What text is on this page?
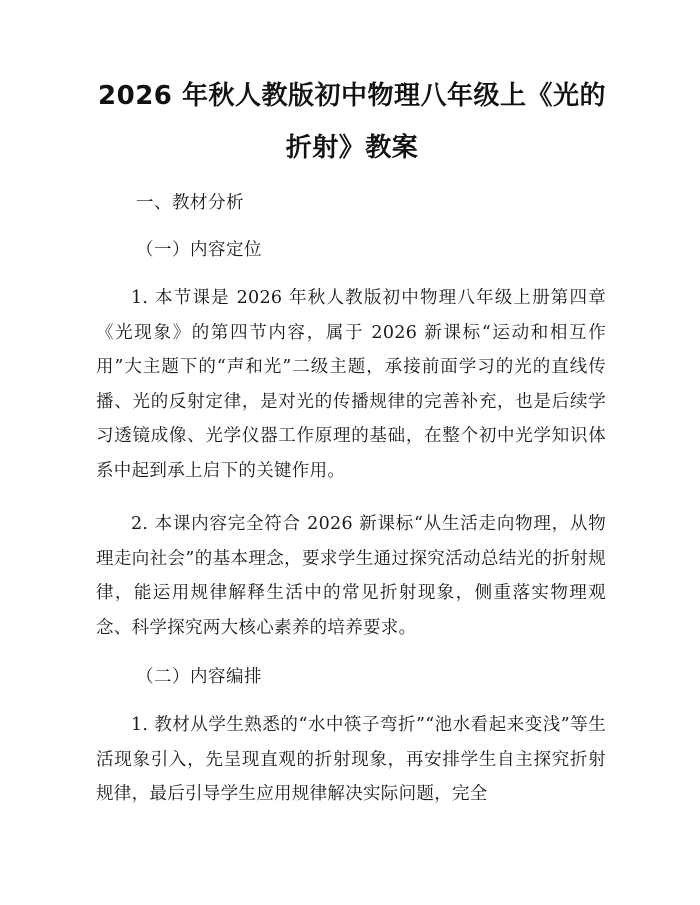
2026 年秋人教版初中物理八年级上《光的折射》教案

一、教材分析

（一）内容定位

1. 本节课是 2026 年秋人教版初中物理八年级上册第四章《光现象》的第四节内容，属于 2026 新课标“运动和相互作用”大主题下的“声和光”二级主题，承接前面学习的光的直线传播、光的反射定律，是对光的传播规律的完善补充，也是后续学习透镜成像、光学仪器工作原理的基础，在整个初中光学知识体系中起到承上启下的关键作用。

2. 本课内容完全符合 2026 新课标“从生活走向物理，从物理走向社会”的基本理念，要求学生通过探究活动总结光的折射规律，能运用规律解释生活中的常见折射现象，侧重落实物理观念、科学探究两大核心素养的培养要求。

（二）内容编排

1. 教材从学生熟悉的“水中筷子弯折”“池水看起来变浅”等生活现象引入，先呈现直观的折射现象，再安排学生自主探究折射规律，最后引导学生应用规律解决实际问题，完全
